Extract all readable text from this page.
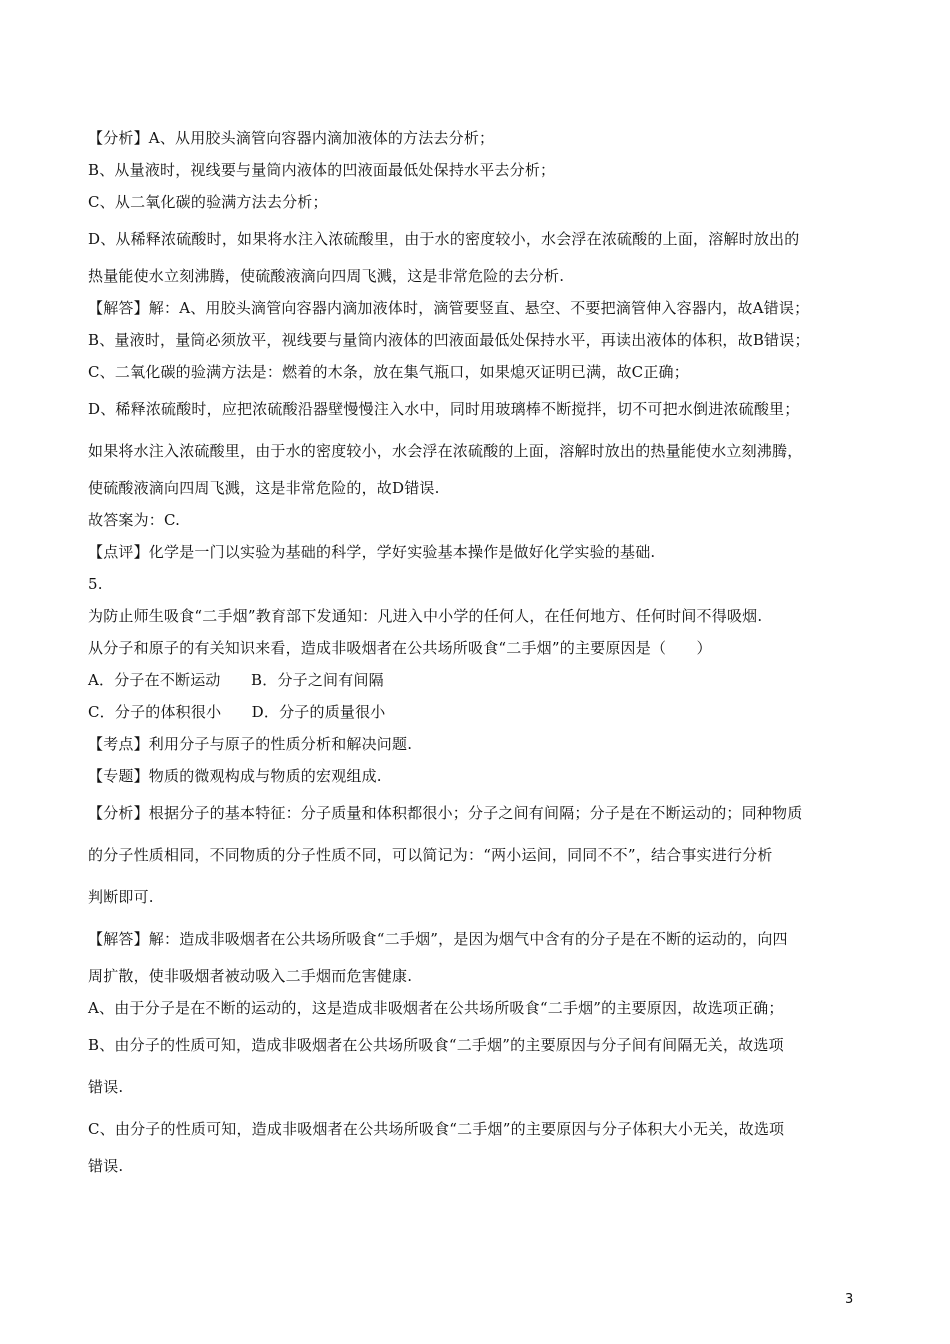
【分析】A、从用胶头滴管向容器内滴加液体的方法去分析；
B、从量液时，视线要与量筒内液体的凹液面最低处保持水平去分析；
C、从二氧化碳的验满方法去分析；
D、从稀释浓硫酸时，如果将水注入浓硫酸里，由于水的密度较小，水会浮在浓硫酸的上面，溶解时放出的
热量能使水立刻沸腾，使硫酸液滴向四周飞溅，这是非常危险的去分析.
【解答】解：A、用胶头滴管向容器内滴加液体时，滴管要竖直、悬空、不要把滴管伸入容器内，故A错误；
B、量液时，量筒必须放平，视线要与量筒内液体的凹液面最低处保持水平，再读出液体的体积，故B错误；
C、二氧化碳的验满方法是：燃着的木条，放在集气瓶口，如果熄灭证明已满，故C正确；
D、稀释浓硫酸时，应把浓硫酸沿器壁慢慢注入水中，同时用玻璃棒不断搅拌，切不可把水倒进浓硫酸里；
如果将水注入浓硫酸里，由于水的密度较小，水会浮在浓硫酸的上面，溶解时放出的热量能使水立刻沸腾，
使硫酸液滴向四周飞溅，这是非常危险的，故D错误.
故答案为：C.
【点评】化学是一门以实验为基础的科学，学好实验基本操作是做好化学实验的基础.
5.
为防止师生吸食“二手烟”教育部下发通知：凡进入中小学的任何人，在任何地方、任何时间不得吸烟.
从分子和原子的有关知识来看，造成非吸烟者在公共场所吸食“二手烟”的主要原因是（　　）
A．分子在不断运动　　B．分子之间有间隔
C．分子的体积很小　　D．分子的质量很小
【考点】利用分子与原子的性质分析和解决问题.
【专题】物质的微观构成与物质的宏观组成.
【分析】根据分子的基本特征：分子质量和体积都很小；分子之间有间隔；分子是在不断运动的；同种物质
的分子性质相同，不同物质的分子性质不同，可以简记为：“两小运间，同同不不”，结合事实进行分析
判断即可.
【解答】解：造成非吸烟者在公共场所吸食“二手烟”，是因为烟气中含有的分子是在不断的运动的，向四
周扩散，使非吸烟者被动吸入二手烟而危害健康.
A、由于分子是在不断的运动的，这是造成非吸烟者在公共场所吸食“二手烟”的主要原因，故选项正确；
B、由分子的性质可知，造成非吸烟者在公共场所吸食“二手烟”的主要原因与分子间有间隔无关，故选项
错误.
C、由分子的性质可知，造成非吸烟者在公共场所吸食“二手烟”的主要原因与分子体积大小无关，故选项
错误.
3
